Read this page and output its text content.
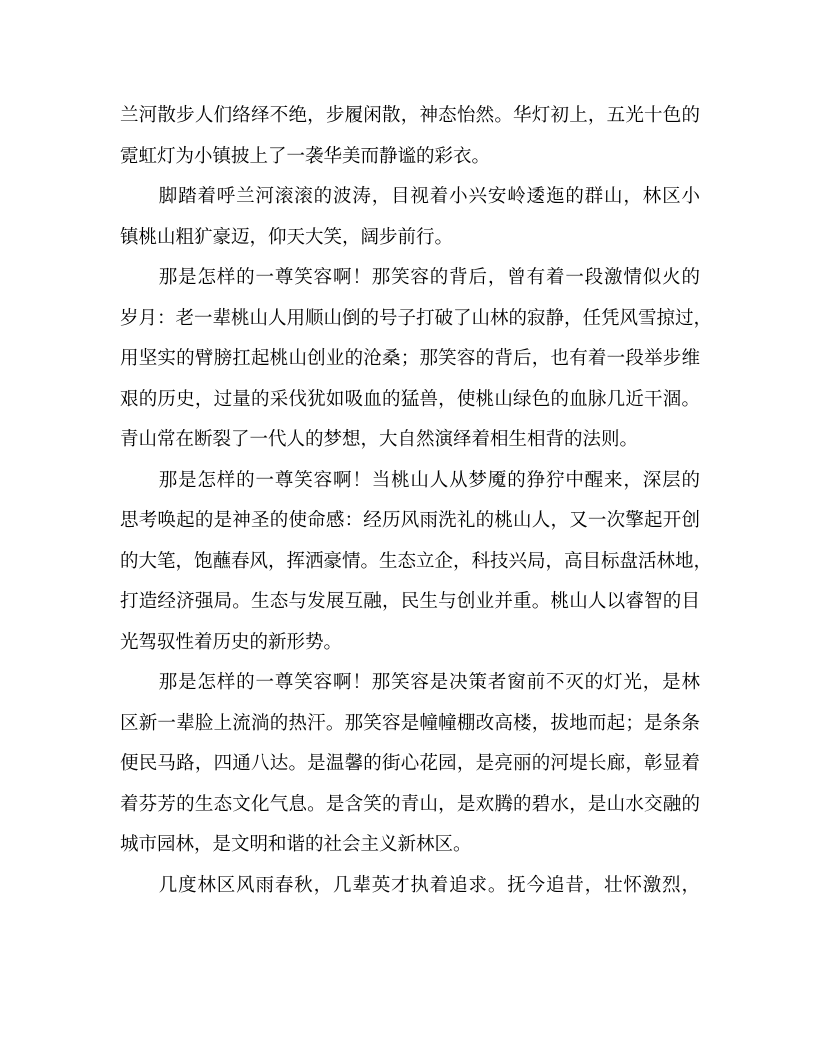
兰河散步人们络绎不绝，步履闲散，神态怡然。华灯初上，五光十色的
霓虹灯为小镇披上了一袭华美而静谧的彩衣。
　　脚踏着呼兰河滚滚的波涛，目视着小兴安岭逶迤的群山，林区小
镇桃山粗犷豪迈，仰天大笑，阔步前行。
　　那是怎样的一尊笑容啊！那笑容的背后，曾有着一段激情似火的
岁月：老一辈桃山人用顺山倒的号子打破了山林的寂静，任凭风雪掠过，
用坚实的臂膀扛起桃山创业的沧桑；那笑容的背后，也有着一段举步维
艰的历史，过量的采伐犹如吸血的猛兽，使桃山绿色的血脉几近干涸。
青山常在断裂了一代人的梦想，大自然演绎着相生相背的法则。
　　那是怎样的一尊笑容啊！当桃山人从梦魇的狰狞中醒来，深层的
思考唤起的是神圣的使命感：经历风雨洗礼的桃山人，又一次擎起开创
的大笔，饱蘸春风，挥洒豪情。生态立企，科技兴局，高目标盘活林地，
打造经济强局。生态与发展互融，民生与创业并重。桃山人以睿智的目
光驾驭性着历史的新形势。
　　那是怎样的一尊笑容啊！那笑容是决策者窗前不灭的灯光，是林
区新一辈脸上流淌的热汗。那笑容是幢幢棚改高楼，拔地而起；是条条
便民马路，四通八达。是温馨的街心花园，是亮丽的河堤长廊，彰显着
着芬芳的生态文化气息。是含笑的青山，是欢腾的碧水，是山水交融的
城市园林，是文明和谐的社会主义新林区。
　　几度林区风雨春秋，几辈英才执着追求。抚今追昔，壮怀激烈，
